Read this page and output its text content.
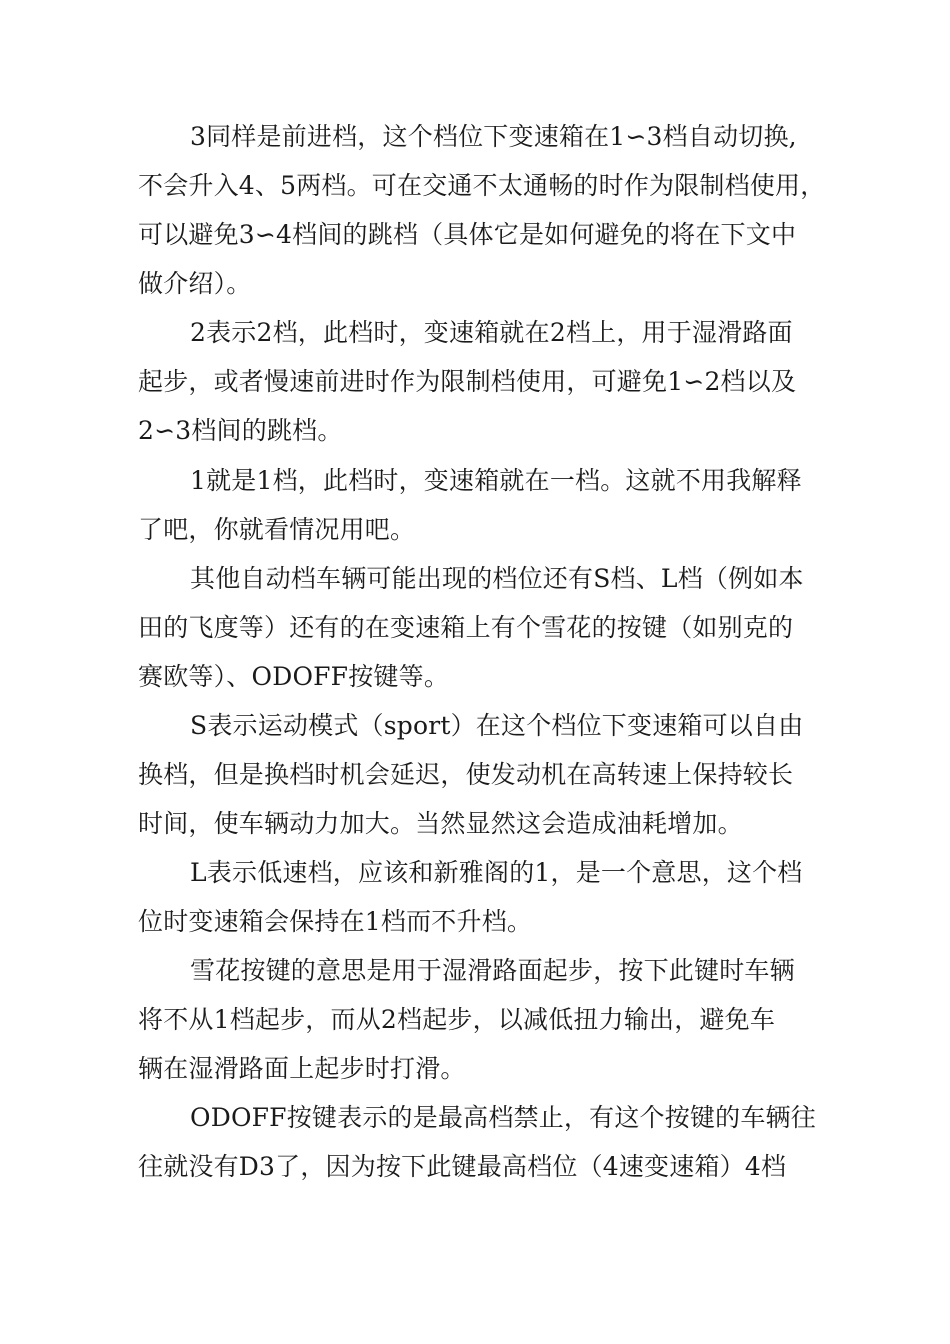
3同样是前进档，这个档位下变速箱在1∽3档自动切换,
不会升入4、5两档。可在交通不太通畅的时作为限制档使用，
可以避免3∽4档间的跳档（具体它是如何避免的将在下文中
做介绍）。
2表示2档，此档时，变速箱就在2档上，用于湿滑路面
起步，或者慢速前进时作为限制档使用，可避免1∽2档以及
2∽3档间的跳档。
1就是1档，此档时，变速箱就在一档。这就不用我解释
了吧，你就看情况用吧。
其他自动档车辆可能出现的档位还有S档、L档（例如本
田的飞度等）还有的在变速箱上有个雪花的按键（如别克的
赛欧等）、ODOFF按键等。
S表示运动模式（sport）在这个档位下变速箱可以自由
换档，但是换档时机会延迟，使发动机在高转速上保持较长
时间，使车辆动力加大。当然显然这会造成油耗增加。
L表示低速档，应该和新雅阁的1，是一个意思，这个档
位时变速箱会保持在1档而不升档。
雪花按键的意思是用于湿滑路面起步，按下此键时车辆
将不从1档起步，而从2档起步，以减低扭力输出，避免车
辆在湿滑路面上起步时打滑。
ODOFF按键表示的是最高档禁止，有这个按键的车辆往
往就没有D3了，因为按下此键最高档位（4速变速箱）4档
